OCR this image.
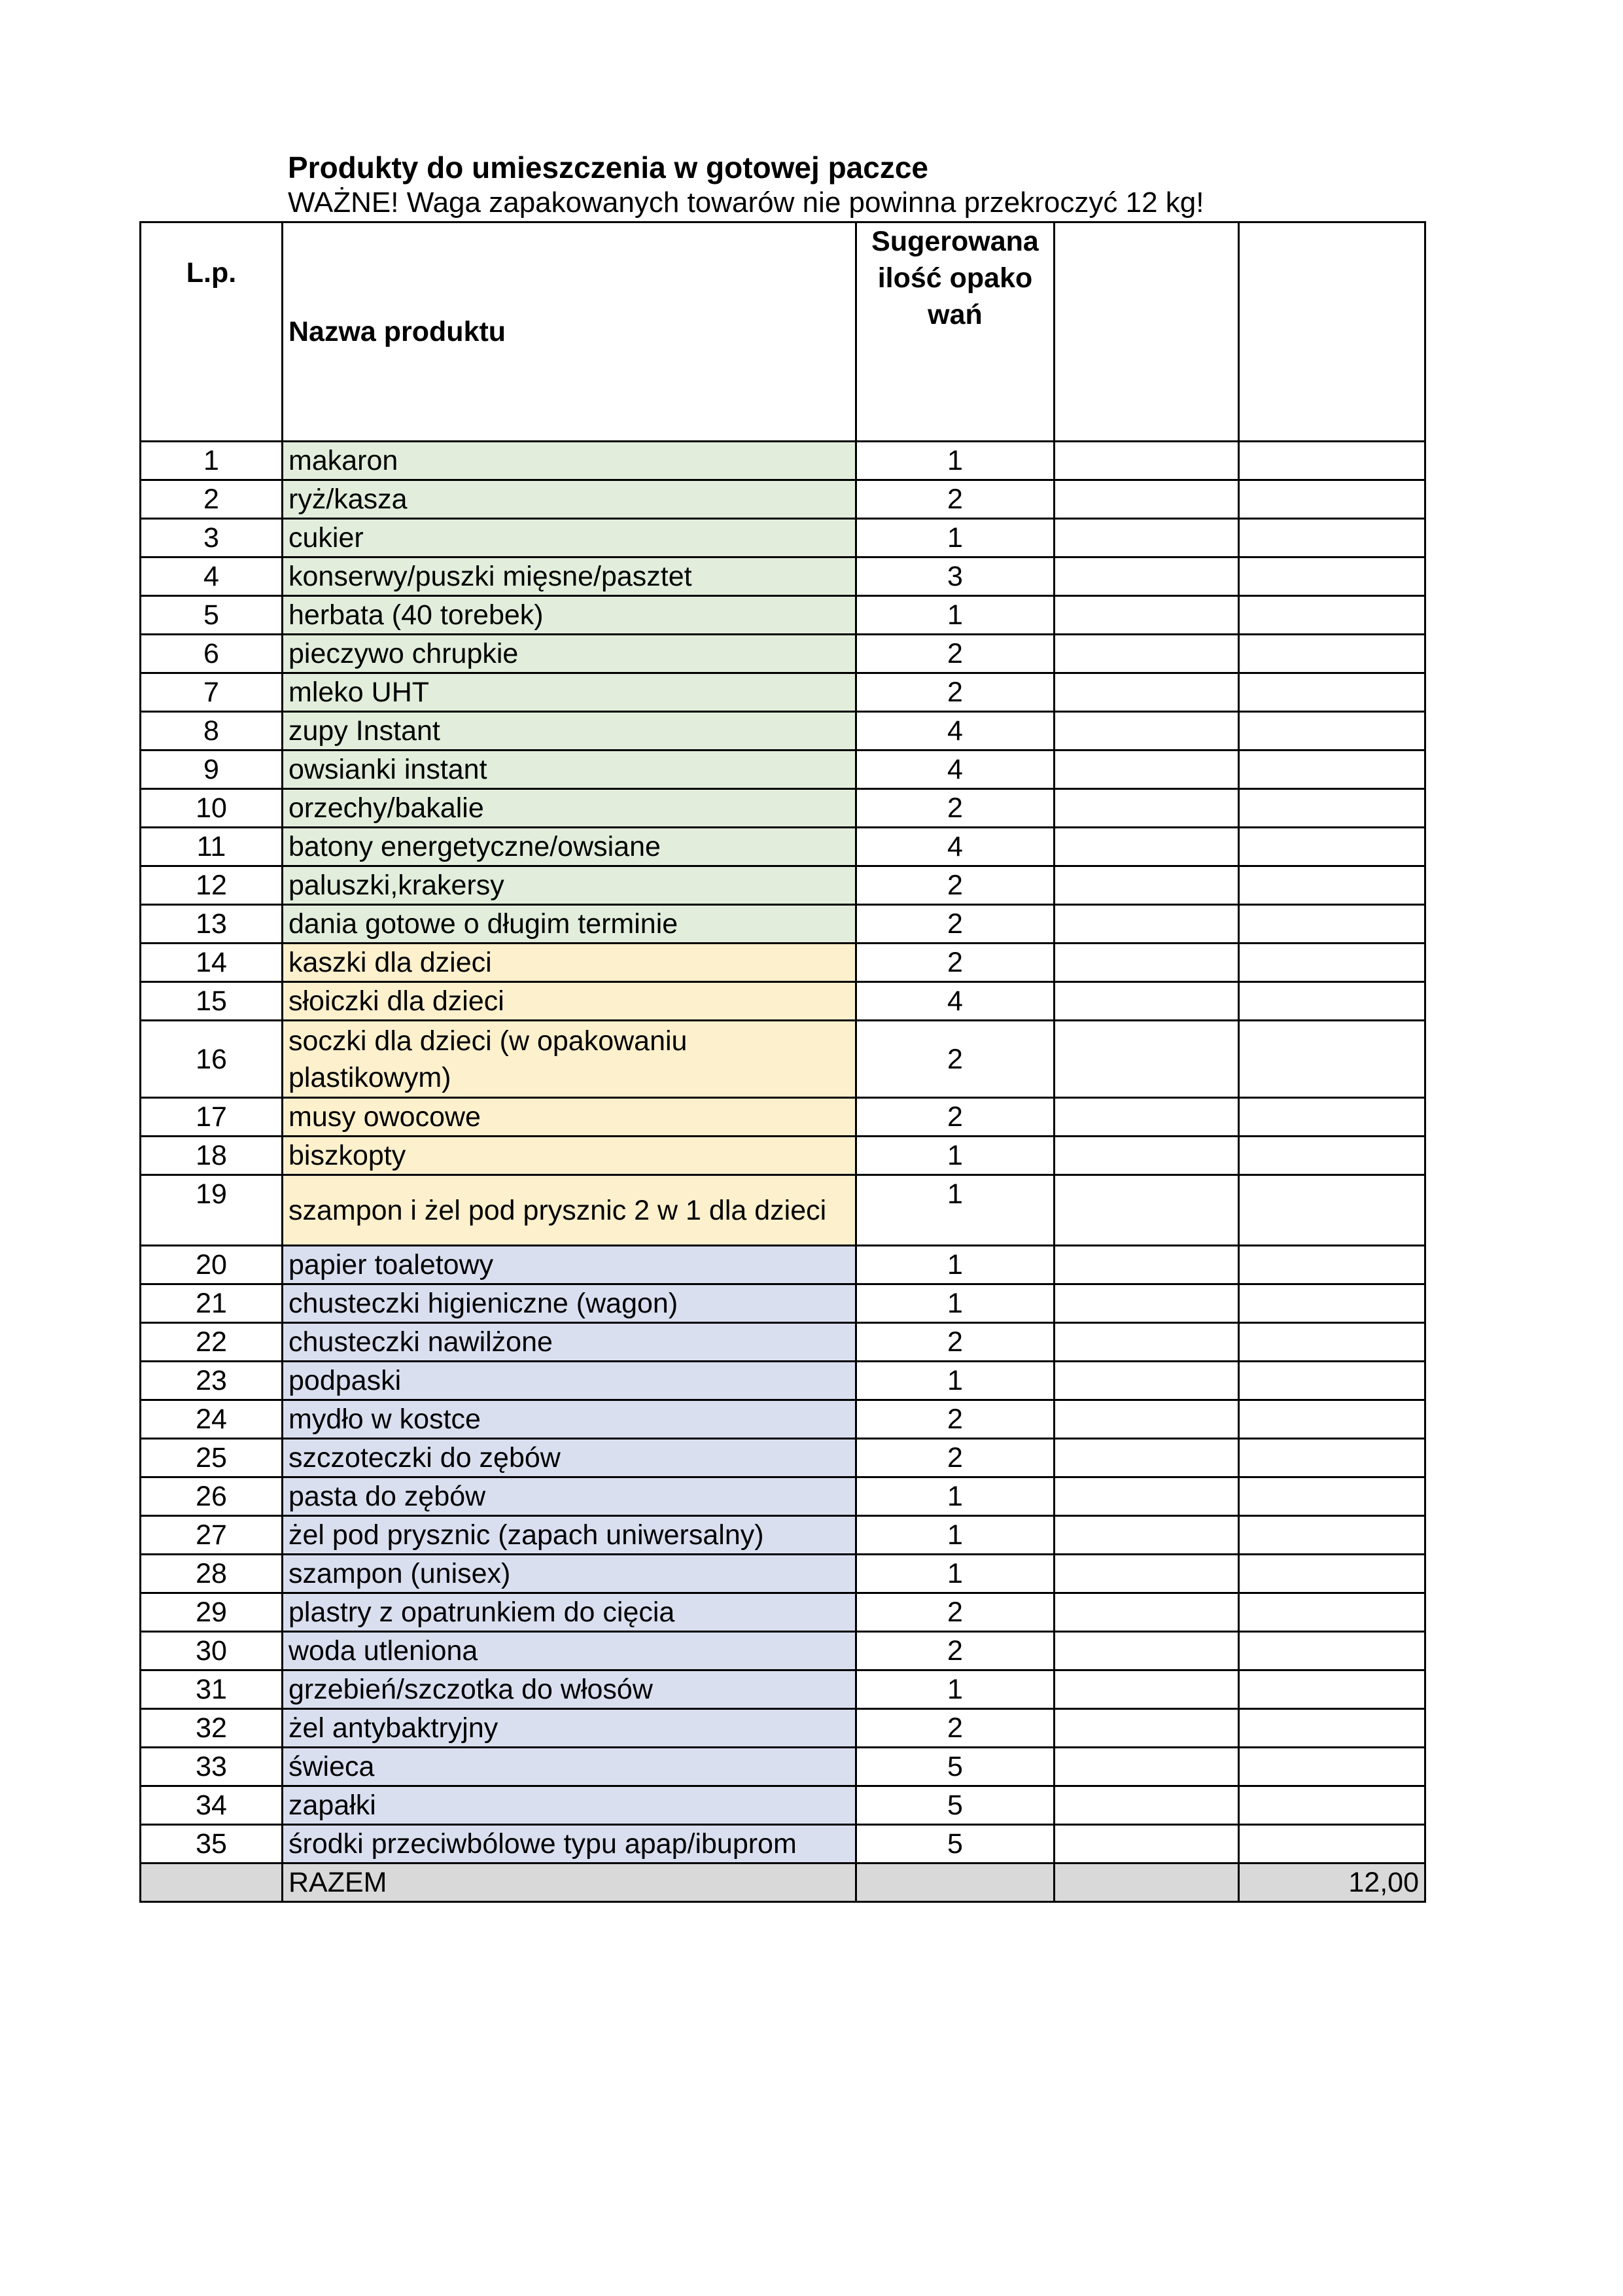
Produkty do umieszczenia w gotowej paczce
WAŻNE! Waga zapakowanych towarów nie powinna przekroczyć 12 kg!
L.p.	Nazwa produktu	Sugerowana ilość opakowań		

1	makaron	1		
2	ryż/kasza	2		
3	cukier	1		
4	konserwy/puszki mięsne/pasztet	3		
5	herbata (40 torebek)	1		
6	pieczywo chrupkie	2		
7	mleko UHT	2		
8	zupy Instant	4		
9	owsianki instant	4		
10	orzechy/bakalie	2		
11	batony energetyczne/owsiane	4		
12	paluszki,krakersy	2		
13	dania gotowe o długim terminie	2		
14	kaszki dla dzieci	2		
15	słoiczki dla dzieci	4		
16	soczki dla dzieci (w opakowaniu plastikowym)	2		
17	musy owocowe	2		
18	biszkopty	1		
19	szampon i żel pod prysznic 2 w 1 dla dzieci	1		
20	papier toaletowy	1		
21	chusteczki higieniczne (wagon)	1		
22	chusteczki nawilżone	2		
23	podpaski	1		
24	mydło w kostce	2		
25	szczoteczki do zębów	2		
26	pasta do zębów	1		
27	żel pod prysznic (zapach uniwersalny)	1		
28	szampon (unisex)	1		
29	plastry z opatrunkiem do cięcia	2		
30	woda utleniona	2		
31	grzebień/szczotka do włosów	1		
32	żel antybaktryjny	2		
33	świeca	5		
34	zapałki	5		
35	środki przeciwbólowe typu apap/ibuprom	5		
	RAZEM			12,00
